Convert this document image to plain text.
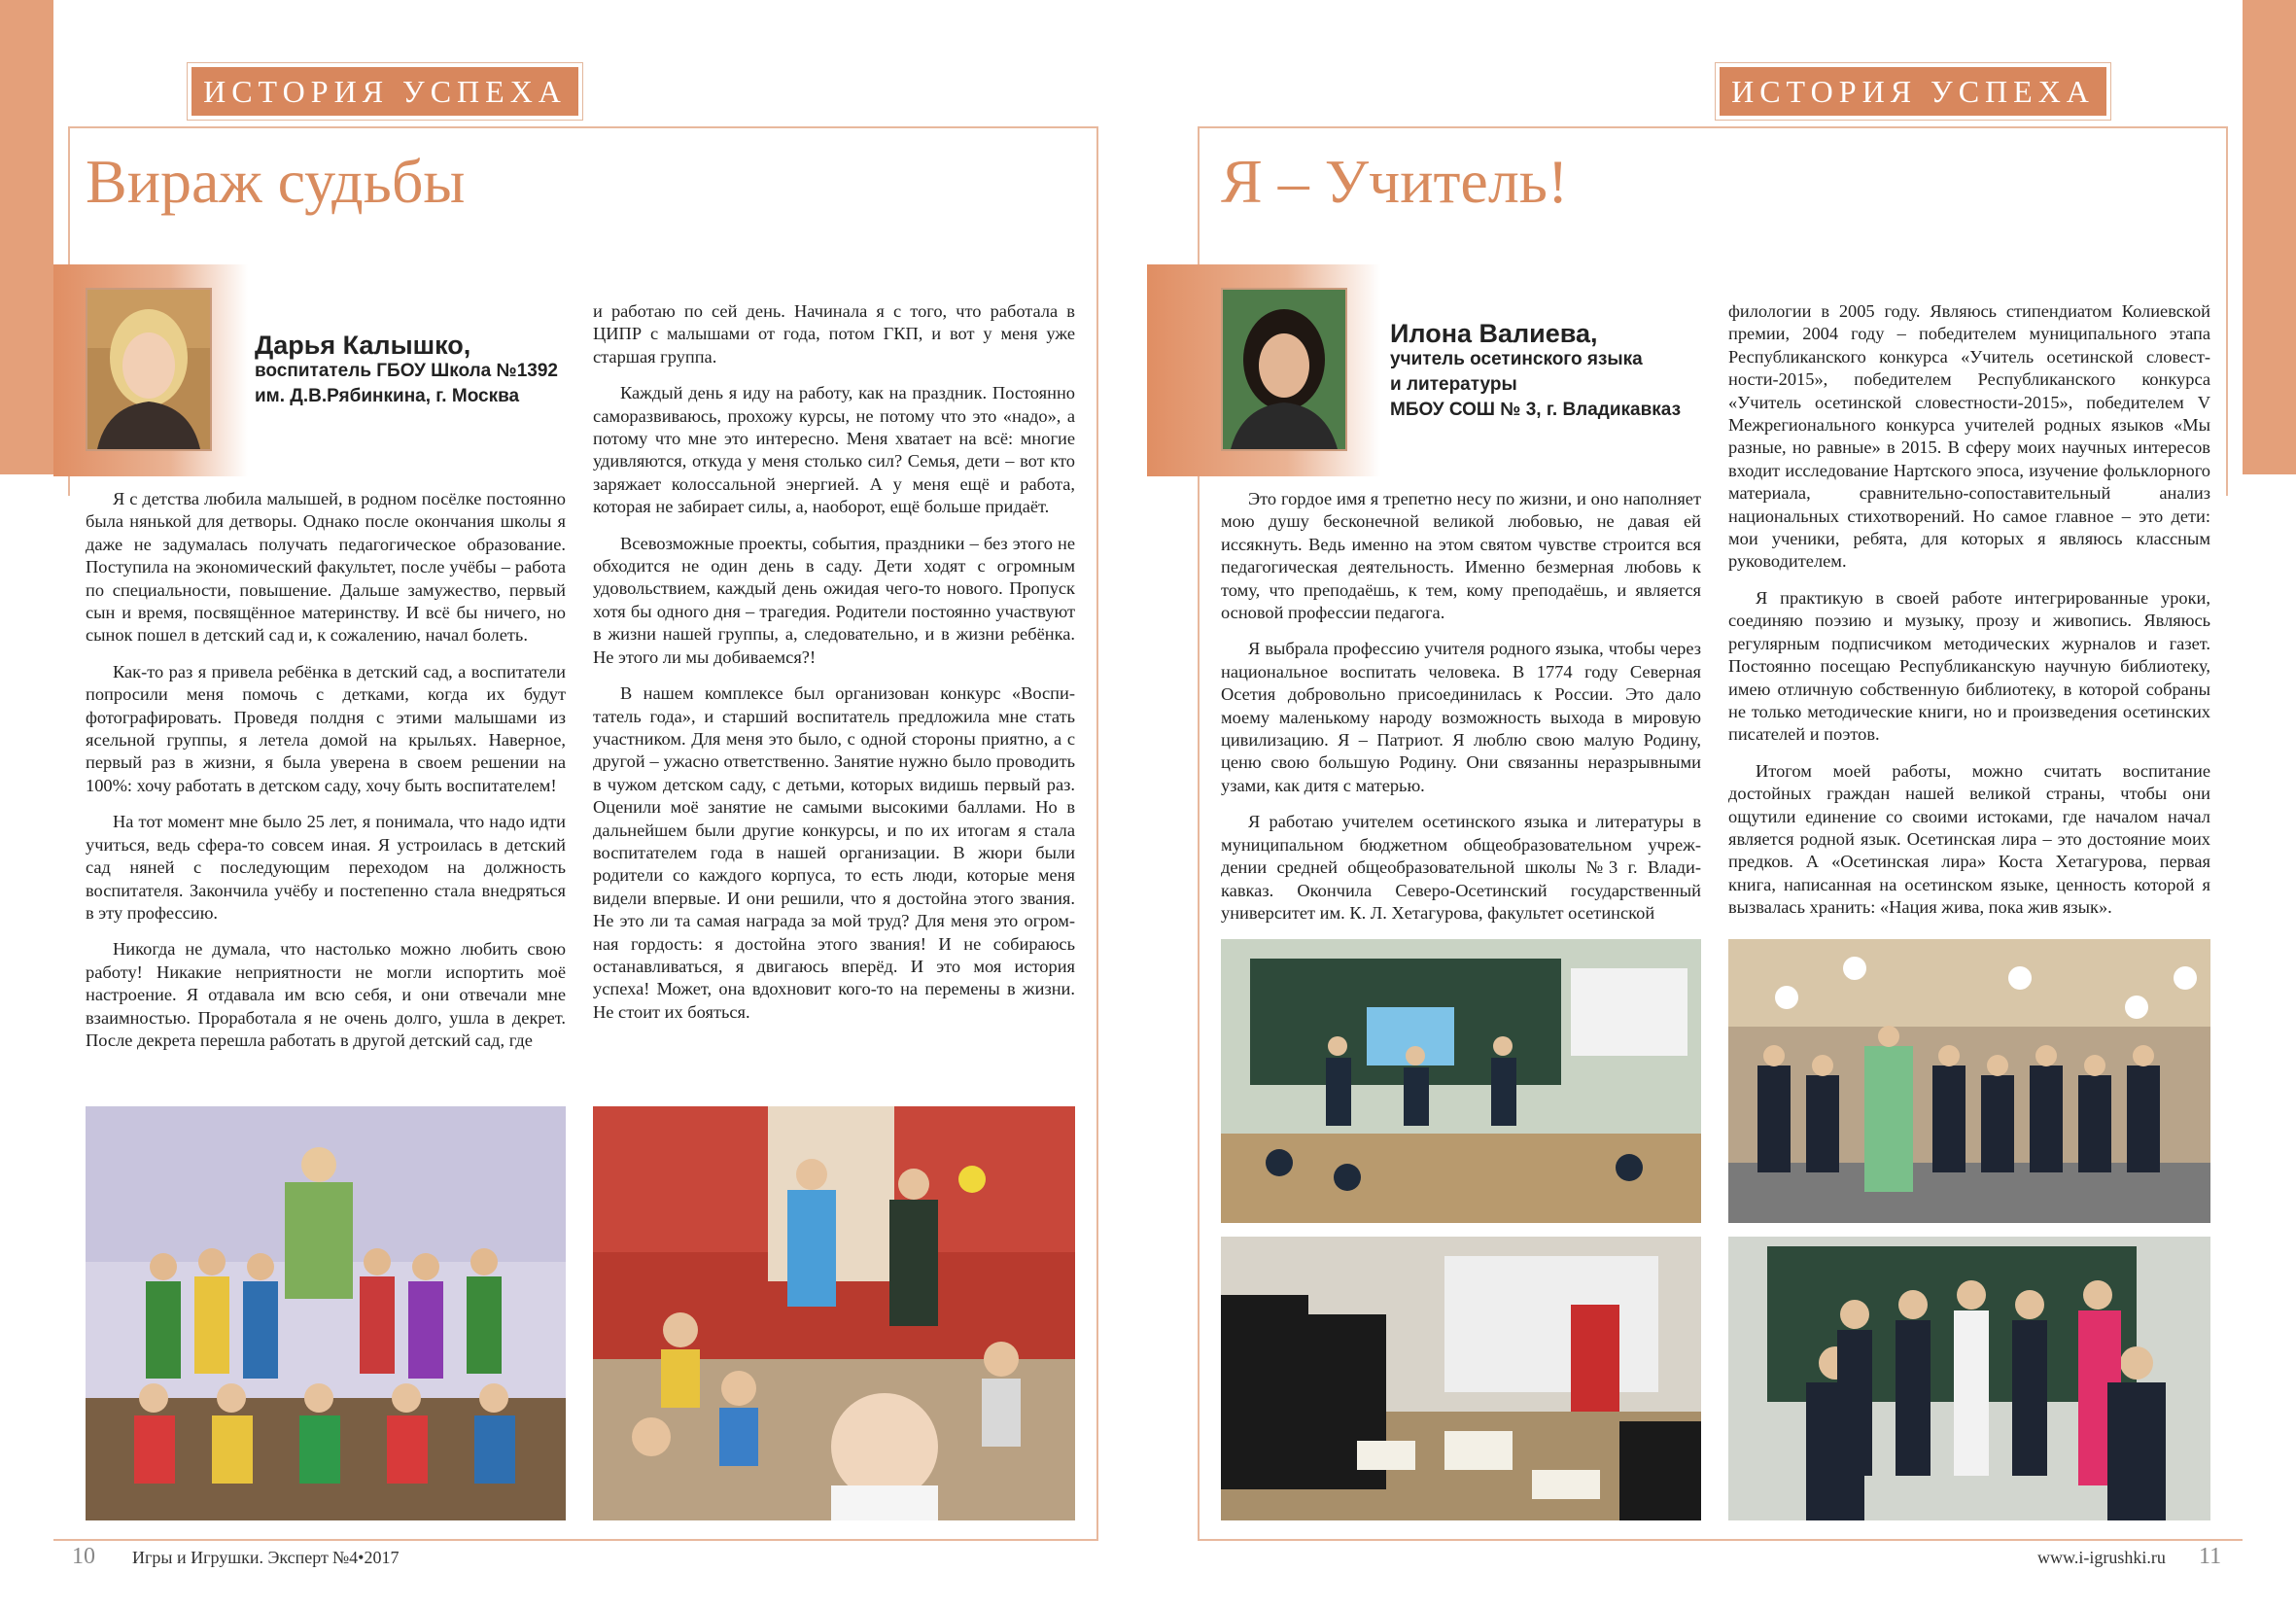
ИСТОРИЯ УСПЕХА
Вираж судьбы
Дарья Калышко,
воспитатель ГБОУ Школа №1392
им. Д.В.Рябинкина, г. Москва

Я с детства любила малышей, в родном посёлке постоянно была нянькой для детворы. Однако после окончания школы я даже не задумалась получать педагогическое образование. Поступила на экономический факультет, после учёбы – работа по специальности, повышение. Дальше замужество, первый сын и время, посвящённое материнству. И всё бы ничего, но сынок пошел в детский сад и, к сожалению, начал болеть.

Как-то раз я привела ребёнка в детский сад, а воспитатели попросили меня помочь с детками, когда их будут фотографировать. Проведя полдня с этими малышами из ясельной группы, я летела домой на крыльях. Наверное, первый раз в жизни, я была уверена в своем решении на 100%: хочу работать в детском саду, хочу быть воспитателем!

На тот момент мне было 25 лет, я понимала, что надо идти учиться, ведь сфера-то совсем иная. Я устроилась в детский сад няней с последующим переходом на должность воспитателя. Закончила учёбу и постепенно стала внедряться в эту профессию.

Никогда не думала, что настолько можно любить свою работу! Никакие неприятности не могли испортить моё настроение. Я отдавала им всю себя, и они отвечали мне взаимностью. Проработала я не очень долго, ушла в декрет. После декрета перешла работать в другой детский сад, где

и работаю по сей день. Начинала я с того, что работала в ЦИПР с малышами от года, потом ГКП, и вот у меня уже старшая группа.

Каждый день я иду на работу, как на праздник. Постоянно саморазвиваюсь, прохожу курсы, не потому что это «надо», а потому что мне это интересно. Меня хватает на всё: многие удивляются, откуда у меня столько сил? Семья, дети – вот кто заряжает колоссальной энергией. А у меня ещё и работа, которая не забирает силы, а, наоборот, ещё больше придаёт.

Всевозможные проекты, события, праздники – без этого не обходится не один день в саду. Дети ходят с огромным удовольствием, каждый день ожидая чего-то нового. Пропуск хотя бы одного дня – трагедия. Родители постоянно участвуют в жизни нашей группы, а, следовательно, и в жизни ребёнка. Не этого ли мы добиваемся?!

В нашем комплексе был организован конкурс «Воспитатель года», и старший воспитатель предложила мне стать участником. Для меня это было, с одной стороны приятно, а с другой – ужасно ответственно. Занятие нужно было проводить в чужом детском саду, с детьми, которых видишь первый раз. Оценили моё занятие не самыми высокими баллами. Но в дальнейшем были другие конкурсы, и по их итогам я стала воспитателем года в нашей организации. В жюри были родители со каждого корпуса, то есть люди, которые меня видели впервые. И они решили, что я достойна этого звания. Не это ли та самая награда за мой труд? Для меня это огромная гордость: я достойна этого звания! И не собираюсь останавливаться, я двигаюсь вперёд. И это моя история успеха! Может, она вдохновит кого-то на перемены в жизни. Не стоит их бояться.

10 Игры и Игрушки. Эксперт №4•2017
ИСТОРИЯ УСПЕХА
Я – Учитель!
Илона Валиева,
учитель осетинского языка
и литературы
МБОУ СОШ № 3, г. Владикавказ

Это гордое имя я трепетно несу по жизни, и оно наполняет мою душу бесконечной великой любовью, не давая ей иссякнуть. Ведь именно на этом святом чувстве строится вся педагогическая деятельность. Именно безмерная любовь к тому, что преподаёшь, к тем, кому преподаёшь, и является основой профессии педагога.

Я выбрала профессию учителя родного языка, чтобы через национальное воспитать человека. В 1774 году Северная Осетия добровольно присоединилась к России. Это дало моему маленькому народу возможность выхода в мировую цивилизацию. Я – Патриот. Я люблю свою малую Родину, ценю свою большую Родину. Они связанны неразрывными узами, как дитя с матерью.

Я работаю учителем осетинского языка и литературы в муниципальном бюджетном общеобразовательном учреждении средней общеобразовательной школы №3 г. Владикавказ. Окончила Северо-Осетинский государственный университет им. К. Л. Хетагурова, факультет осетинской

филологии в 2005 году. Являюсь стипендиатом Колиевской премии, 2004 году – победителем муниципального этапа Республиканского конкурса «Учитель осетинской словестности-2015», победителем Республиканского конкурса «Учитель осетинской словестности-2015», победителем V Межрегионального конкурса учителей родных языков «Мы разные, но равные» в 2015. В сферу моих научных интересов входит исследование Нартского эпоса, изучение фольклорного материала, сравнительно-сопоставительный анализ национальных стихотворений. Но самое главное – это дети: мои ученики, ребята, для которых я являюсь классным руководителем.

Я практикую в своей работе интегрированные уроки, соединяю поэзию и музыку, прозу и живопись. Являюсь регулярным подписчиком методических журналов и газет. Постоянно посещаю Республиканскую научную библиотеку, имею отличную собственную библиотеку, в которой собраны не только методические книги, но и произведения осетинских писателей и поэтов.

Итогом моей работы, можно считать воспитание достойных граждан нашей великой страны, чтобы они ощутили единение со своими истоками, где началом начал является родной язык. Осетинская лира – это достояние моих предков. А «Осетинская лира» Коста Хетагурова, первая книга, написанная на осетинском языке, ценность которой я вызвалась хранить: «Нация жива, пока жив язык».

www.i-igrushki.ru 11
